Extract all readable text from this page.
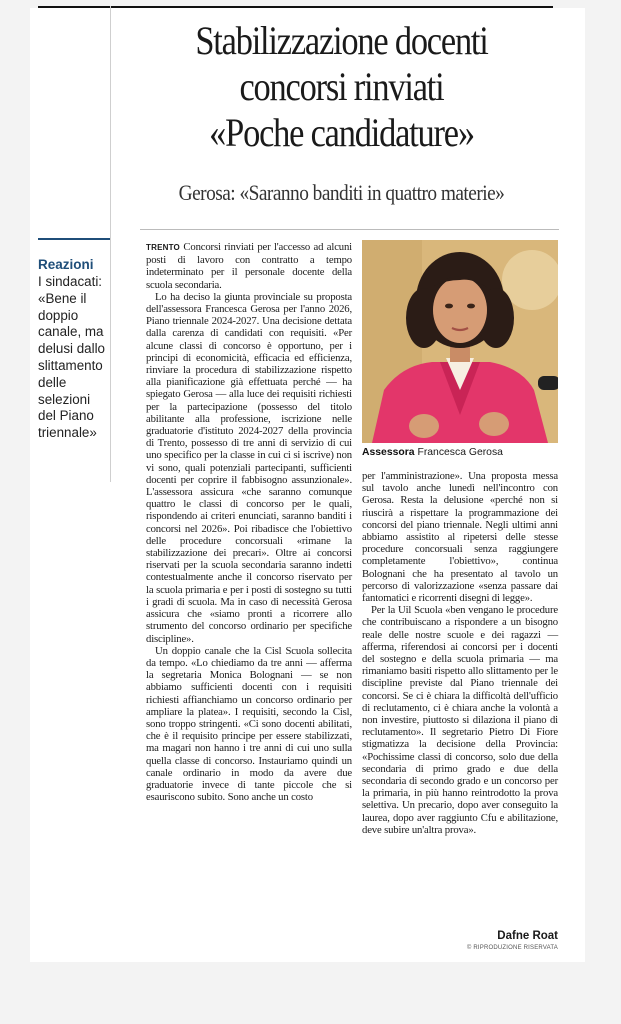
Stabilizzazione docenti
concorsi rinviati
«Poche candidature»
Gerosa: «Saranno banditi in quattro materie»
Reazioni
I sindacati: «Bene il doppio canale, ma delusi dallo slittamento delle selezioni del Piano triennale»

TRENTO Concorsi rinviati per l'accesso ad alcuni posti di lavoro con contratto a tempo indeterminato per il personale docente della scuola secondaria.

Lo ha deciso la giunta provinciale su proposta dell'assessora Francesca Gerosa per l'anno 2026, Piano triennale 2024-2027. Una decisione dettata dalla carenza di candidati con requisiti. «Per alcune classi di concorso è opportuno, per i principi di economicità, efficacia ed efficienza, rinviare la procedura di stabilizzazione rispetto alla pianificazione già effettuata perché — ha spiegato Gerosa — alla luce dei requisiti richiesti per la partecipazione (possesso del titolo abilitante alla professione, iscrizione nelle graduatorie d'istituto 2024-2027 della provincia di Trento, possesso di tre anni di servizio di cui uno specifico per la classe in cui ci si iscrive) non vi sono, quali potenziali partecipanti, sufficienti docenti per coprire il fabbisogno assunzionale». L'assessora assicura «che saranno comunque quattro le classi di concorso per le quali, rispondendo ai criteri enunciati, saranno banditi i concorsi nel 2026». Poi ribadisce che l'obiettivo delle procedure concorsuali «rimane la stabilizzazione dei precari». Oltre ai concorsi riservati per la scuola secondaria saranno indetti contestualmente anche il concorso riservato per la scuola primaria e per i posti di sostegno su tutti i gradi di scuola. Ma in caso di necessità Gerosa assicura che «siamo pronti a ricorrere allo strumento del concorso ordinario per specifiche discipline».

Un doppio canale che la Cisl Scuola sollecita da tempo. «Lo chiediamo da tre anni — afferma la segretaria Monica Bolognani — se non abbiamo sufficienti docenti con i requisiti richiesti affianchiamo un concorso ordinario per ampliare la platea». I requisiti, secondo la Cisl, sono troppo stringenti. «Ci sono docenti abilitati, che è il requisito principe per essere stabilizzati, ma magari non hanno i tre anni di cui uno sulla quella classe di concorso. Instauriamo quindi un canale ordinario in modo da avere due graduatorie invece di tante piccole che si esauriscono subito. Sono anche un costo

Assessora Francesca Gerosa

per l'amministrazione». Una proposta messa sul tavolo anche lunedì nell'incontro con Gerosa. Resta la delusione «perché non si riuscirà a rispettare la programmazione dei concorsi del piano triennale. Negli ultimi anni abbiamo assistito al ripetersi delle stesse procedure concorsuali senza raggiungere completamente l'obiettivo», continua Bolognani che ha presentato al tavolo un percorso di valorizzazione «senza passare dai fantomatici e ricorrenti disegni di legge».

Per la Uil Scuola «ben vengano le procedure che contribuiscano a rispondere a un bisogno reale delle nostre scuole e dei ragazzi — afferma, riferendosi ai concorsi per i docenti del sostegno e della scuola primaria — ma rimaniamo basiti rispetto allo slittamento per le discipline previste dal Piano triennale dei concorsi. Se ci è chiara la difficoltà dell'ufficio di reclutamento, ci è chiara anche la volontà a non investire, piuttosto si dilaziona il piano di reclutamento». Il segretario Pietro Di Fiore stigmatizza la decisione della Provincia: «Pochissime classi di concorso, solo due della secondaria di primo grado e due della secondaria di secondo grado e un concorso per la primaria, in più hanno reintrodotto la prova selettiva. Un precario, dopo aver conseguito la laurea, dopo aver raggiunto Cfu e abilitazione, deve subire un'altra prova».

Dafne Roat
© RIPRODUZIONE RISERVATA
